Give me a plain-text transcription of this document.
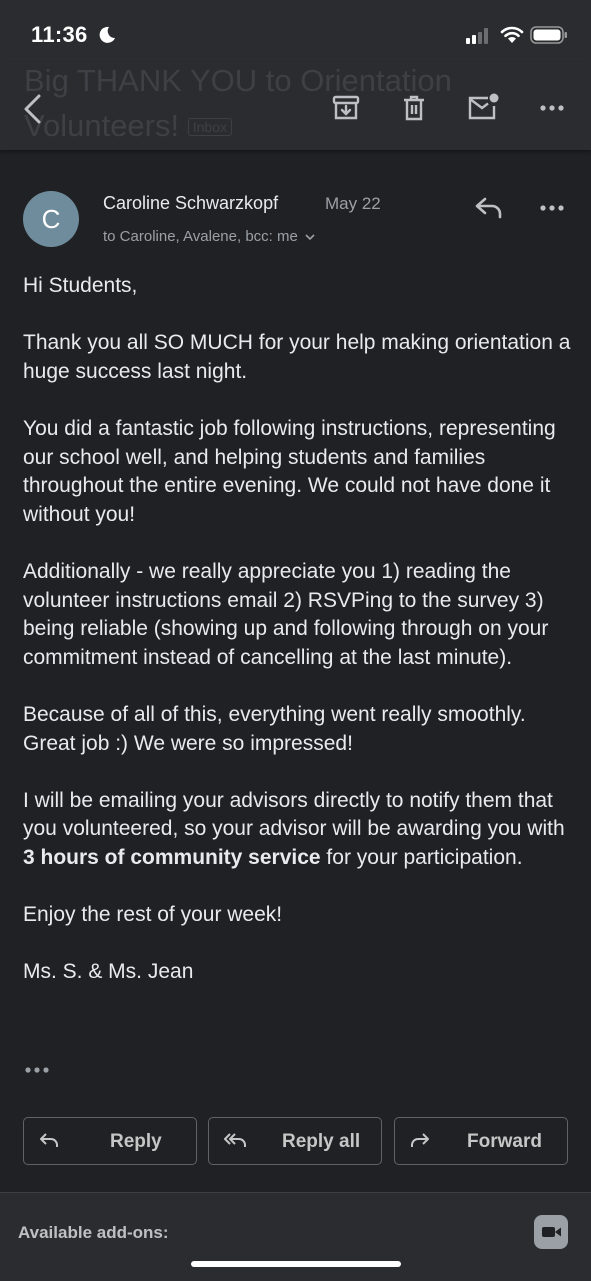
11:36
Big THANK YOU to Orientation Volunteers! Inbox
C
Caroline Schwarzkopf	May 22
to Caroline, Avalene, bcc: me

Hi Students,

Thank you all SO MUCH for your help making orientation a huge success last night.

You did a fantastic job following instructions, representing our school well, and helping students and families throughout the entire evening. We could not have done it without you!

Additionally - we really appreciate you 1) reading the volunteer instructions email 2) RSVPing to the survey 3) being reliable (showing up and following through on your commitment instead of cancelling at the last minute).

Because of all of this, everything went really smoothly. Great job :) We were so impressed!

I will be emailing your advisors directly to notify them that you volunteered, so your advisor will be awarding you with 3 hours of community service for your participation.

Enjoy the rest of your week!

Ms. S. & Ms. Jean

Reply	Reply all	Forward
Available add-ons:
